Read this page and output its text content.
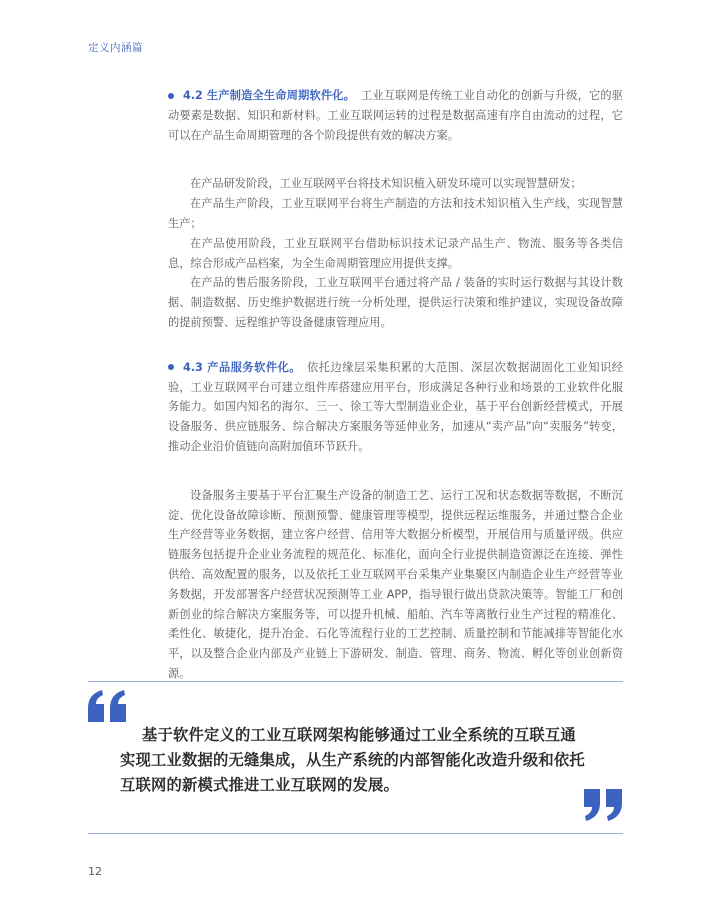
定义内涵篇

4.2 生产制造全生命周期软件化。 工业互联网是传统工业自动化的创新与升级，它的驱动要素是数据、知识和新材料。工业互联网运转的过程是数据高速有序自由流动的过程，它可以在产品生命周期管理的各个阶段提供有效的解决方案。

在产品研发阶段，工业互联网平台将技术知识植入研发环境可以实现智慧研发；

在产品生产阶段，工业互联网平台将生产制造的方法和技术知识植入生产线，实现智慧生产；

在产品使用阶段，工业互联网平台借助标识技术记录产品生产、物流、服务等各类信息，综合形成产品档案，为全生命周期管理应用提供支撑。

在产品的售后服务阶段，工业互联网平台通过将产品 / 装备的实时运行数据与其设计数据、制造数据、历史维护数据进行统一分析处理，提供运行决策和维护建议，实现设备故障的提前预警、远程维护等设备健康管理应用。

4.3 产品服务软件化。 依托边缘层采集积累的大范围、深层次数据湖固化工业知识经验，工业互联网平台可建立组件库搭建应用平台，形成满足各种行业和场景的工业软件化服务能力。如国内知名的海尔、三一、徐工等大型制造业企业，基于平台创新经营模式，开展设备服务、供应链服务、综合解决方案服务等延伸业务，加速从“卖产品”向“卖服务”转变，推动企业沿价值链向高附加值环节跃升。

设备服务主要基于平台汇聚生产设备的制造工艺、运行工况和状态数据等数据，不断沉淀、优化设备故障诊断、预测预警、健康管理等模型，提供远程运维服务，并通过整合企业生产经营等业务数据，建立客户经营、信用等大数据分析模型，开展信用与质量评级。供应链服务包括提升企业业务流程的规范化、标准化，面向全行业提供制造资源泛在连接、弹性供给、高效配置的服务，以及依托工业互联网平台采集产业集聚区内制造企业生产经营等业务数据，开发部署客户经营状况预测等工业 APP，指导银行做出贷款决策等。智能工厂和创新创业的综合解决方案服务等，可以提升机械、船舶、汽车等离散行业生产过程的精准化、柔性化、敏捷化，提升冶金、石化等流程行业的工艺控制、质量控制和节能减排等智能化水平，以及整合企业内部及产业链上下游研发、制造、管理、商务、物流、孵化等创业创新资源。

基于软件定义的工业互联网架构能够通过工业全系统的互联互通
实现工业数据的无缝集成，从生产系统的内部智能化改造升级和依托
互联网的新模式推进工业互联网的发展。
12
